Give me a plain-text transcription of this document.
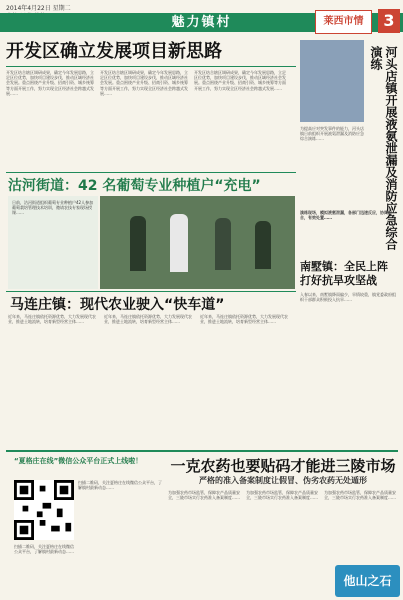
2014年4月22日 星期二
魅力镇村	莱西市情	3
开发区确立发展项目新思路
开发区结合辖区调研成果，确定今年发展思路，立足区位优势，加快项目建设步伐，推动区域经济社会发展。重点围绕产业升级、招商引资、城乡统筹等方面开展工作，努力实现全区经济社会跨越式发展……
开发区结合辖区调研成果，确定今年发展思路，立足区位优势，加快项目建设步伐，推动区域经济社会发展。重点围绕产业升级、招商引资、城乡统筹等方面开展工作，努力实现全区经济社会跨越式发展……
开发区结合辖区调研成果，确定今年发展思路，立足区位优势，加快项目建设步伐，推动区域经济社会发展。重点围绕产业升级、招商引资、城乡统筹等方面开展工作，努力实现全区经济社会跨越式发展……	河头店镇开展液氨泄漏及消防应急综合演练
为提高应对突发事件的能力，河头店镇日前组织开展液氨泄漏及消防应急综合演练……
演练现场，模拟液氨泄漏，各部门迅速反应，协同配合，有效处置……
沽河街道：42 名葡萄专业种植户“充电”
日前，沽河街道组织葡萄专业种植户42人参加葡萄栽培管理技术培训，邀请农技专家现场授课……
南墅镇：全民上阵打好抗旱攻坚战
入春以来，南墅镇降雨偏少，旱情较重，镇党委政府组织干部群众积极投入抗旱……
马连庄镇：现代农业驶入“快车道”
近年来，马连庄镇依托资源优势，大力发展现代农业，推进土地流转，培育新型经营主体……
近年来，马连庄镇依托资源优势，大力发展现代农业，推进土地流转，培育新型经营主体……
近年来，马连庄镇依托资源优势，大力发展现代农业，推进土地流转，培育新型经营主体……
“夏格庄在线”微信公众平台正式上线啦！
扫描二维码，关注夏格庄在线微信公众平台，了解镇村最新动态……
扫描二维码，关注夏格庄在线微信公众平台，了解镇村最新动态……
一克农药也要贴码才能进三陵市场
严格的准入备案制度让假冒、伪劣农药无处遁形
为加强农药市场监管，保障农产品质量安全，三陵市场实行农药准入备案制度……
为加强农药市场监管，保障农产品质量安全，三陵市场实行农药准入备案制度……
为加强农药市场监管，保障农产品质量安全，三陵市场实行农药准入备案制度……
他山之石
